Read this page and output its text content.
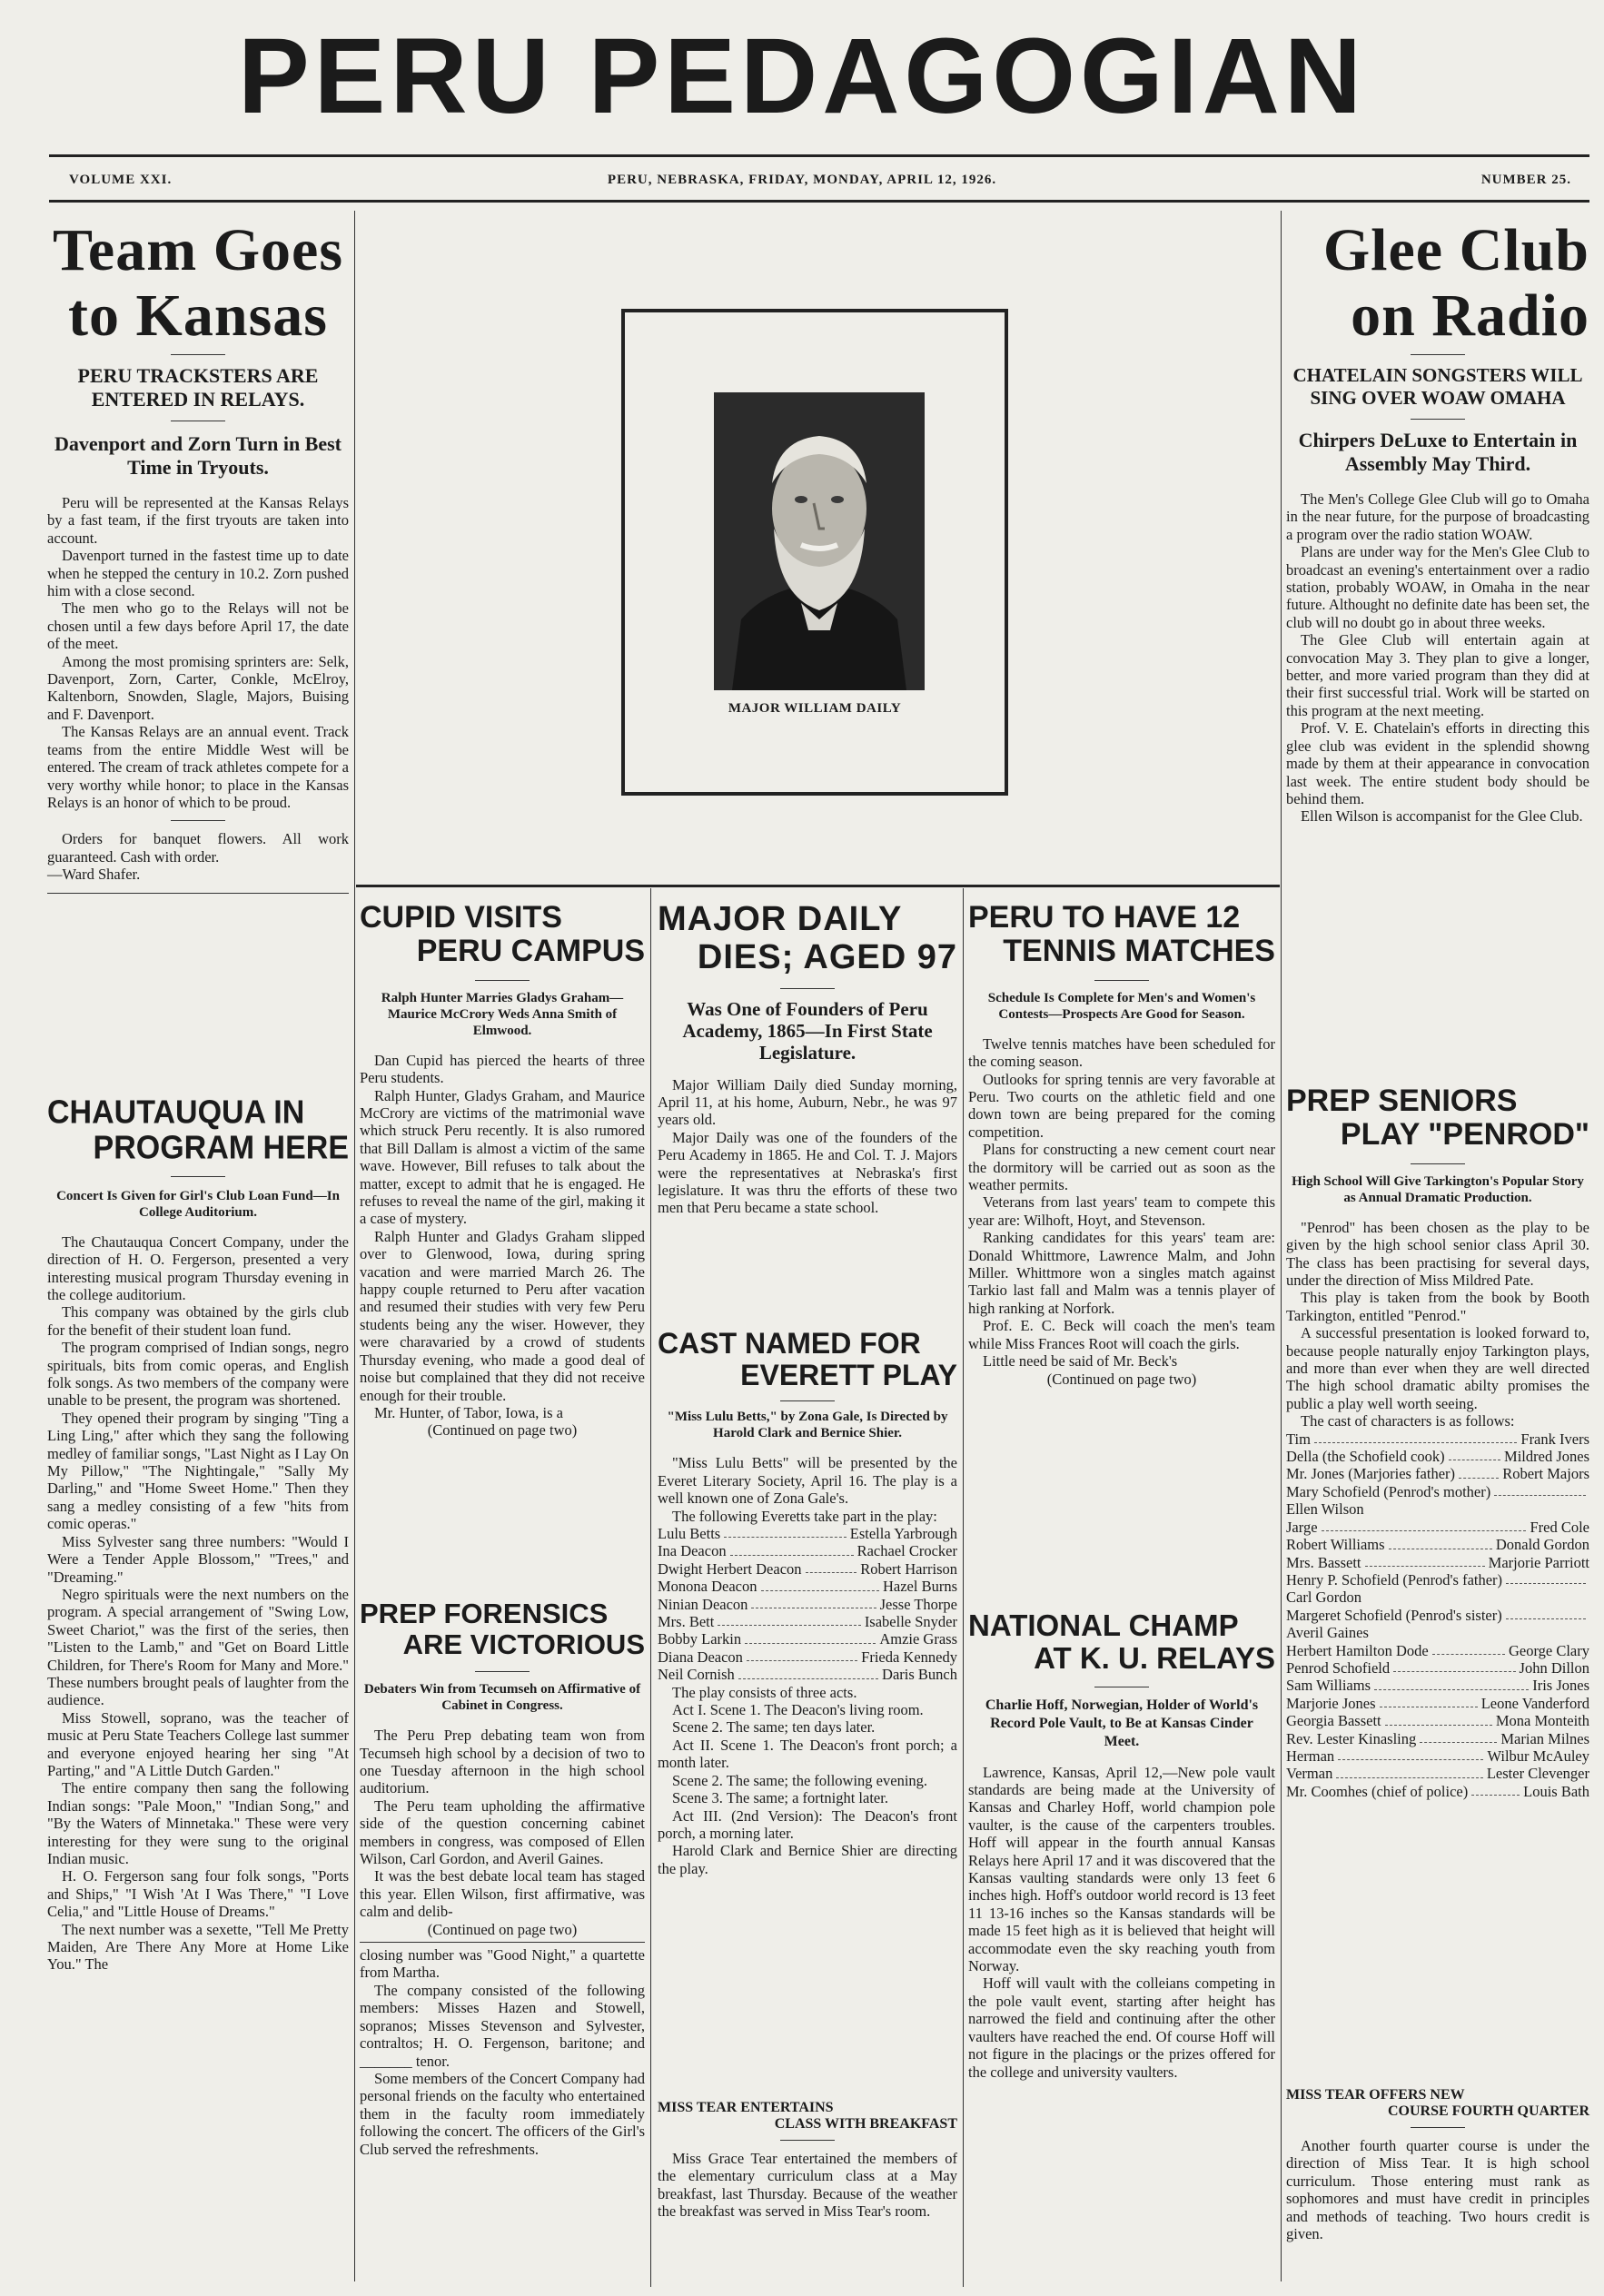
PERU PEDAGOGIAN
VOLUME XXI.	PERU, NEBRASKA, FRIDAY, MONDAY, APRIL 12, 1926.	NUMBER 25.
Team Goes
to Kansas
PERU TRACKSTERS ARE ENTERED IN RELAYS.
Davenport and Zorn Turn in Best Time in Tryouts.

Peru will be represented at the Kansas Relays by a fast team, if the first tryouts are taken into account.

Davenport turned in the fastest time up to date when he stepped the century in 10.2. Zorn pushed him with a close second.

The men who go to the Relays will not be chosen until a few days before April 17, the date of the meet.

Among the most promising sprinters are: Selk, Davenport, Zorn, Carter, Conkle, McElroy, Kaltenborn, Snowden, Slagle, Majors, Buising and F. Davenport.

The Kansas Relays are an annual event. Track teams from the entire Middle West will be entered. The cream of track athletes compete for a very worthy while honor; to place in the Kansas Relays is an honor of which to be proud.

Orders for banquet flowers. All work guaranteed. Cash with order.

—Ward Shafer.

CHAUTAUQUA IN
PROGRAM HERE
Concert Is Given for Girl's Club Loan Fund—In College Auditorium.

The Chautauqua Concert Company, under the direction of H. O. Fergerson, presented a very interesting musical program Thursday evening in the college auditorium.

This company was obtained by the girls club for the benefit of their student loan fund.

The program comprised of Indian songs, negro spirituals, bits from comic operas, and English folk songs. As two members of the company were unable to be present, the program was shortened.

They opened their program by singing "Ting a Ling Ling," after which they sang the following medley of familiar songs, "Last Night as I Lay On My Pillow," "The Nightingale," "Sally My Darling," and "Home Sweet Home." Then they sang a medley consisting of a few "hits from comic operas."

Miss Sylvester sang three numbers: "Would I Were a Tender Apple Blossom," "Trees," and "Dreaming."

Negro spirituals were the next numbers on the program. A special arrangement of "Swing Low, Sweet Chariot," was the first of the series, then "Listen to the Lamb," and "Get on Board Little Children, for There's Room for Many and More." These numbers brought peals of laughter from the audience.

Miss Stowell, soprano, was the teacher of music at Peru State Teachers College last summer and everyone enjoyed hearing her sing "At Parting," and "A Little Dutch Garden."

The entire company then sang the following Indian songs: "Pale Moon," "Indian Song," and "By the Waters of Minnetaka." These were very interesting for they were sung to the original Indian music.

H. O. Fergerson sang four folk songs, "Ports and Ships," "I Wish 'At I Was There," "I Love Celia," and "Little House of Dreams."

The next number was a sexette, "Tell Me Pretty Maiden, Are There Any More at Home Like You." The

MAJOR WILLIAM DAILY
CUPID VISITS
PERU CAMPUS
Ralph Hunter Marries Gladys Graham—Maurice McCrory Weds Anna Smith of Elmwood.

Dan Cupid has pierced the hearts of three Peru students.

Ralph Hunter, Gladys Graham, and Maurice McCrory are victims of the matrimonial wave which struck Peru recently. It is also rumored that Bill Dallam is almost a victim of the same wave. However, Bill refuses to talk about the matter, except to admit that he is engaged. He refuses to reveal the name of the girl, making it a case of mystery.

Ralph Hunter and Gladys Graham slipped over to Glenwood, Iowa, during spring vacation and were married March 26. The happy couple returned to Peru after vacation and resumed their studies with very few Peru students being any the wiser. However, they were charavaried by a crowd of students Thursday evening, who made a good deal of noise but complained that they did not receive enough for their trouble.

Mr. Hunter, of Tabor, Iowa, is a

(Continued on page two)

PREP FORENSICS
ARE VICTORIOUS
Debaters Win from Tecumseh on Affirmative of Cabinet in Congress.

The Peru Prep debating team won from Tecumseh high school by a decision of two to one Tuesday afternoon in the high school auditorium.

The Peru team upholding the affirmative side of the question concerning cabinet members in congress, was composed of Ellen Wilson, Carl Gordon, and Averil Gaines.

It was the best debate local team has staged this year. Ellen Wilson, first affirmative, was calm and delib-

(Continued on page two)

closing number was "Good Night," a quartette from Martha.

The company consisted of the following members: Misses Hazen and Stowell, sopranos; Misses Stevenson and Sylvester, contraltos; H. O. Fergenson, baritone; and _______ tenor.

Some members of the Concert Company had personal friends on the faculty who entertained them in the faculty room immediately following the concert. The officers of the Girl's Club served the refreshments.

MAJOR DAILY
DIES; AGED 97
Was One of Founders of Peru Academy, 1865—In First State Legislature.

Major William Daily died Sunday morning, April 11, at his home, Auburn, Nebr., he was 97 years old.

Major Daily was one of the founders of the Peru Academy in 1865. He and Col. T. J. Majors were the representatives at Nebraska's first legislature. It was thru the efforts of these two men that Peru became a state school.

CAST NAMED FOR
EVERETT PLAY
"Miss Lulu Betts," by Zona Gale, Is Directed by Harold Clark and Bernice Shier.

"Miss Lulu Betts" will be presented by the Everet Literary Society, April 16. The play is a well known one of Zona Gale's.

The following Everetts take part in the play:

Lulu Betts	Estella Yarbrough
Ina Deacon	Rachael Crocker
Dwight Herbert Deacon	Robert Harrison
Monona Deacon	Hazel Burns
Ninian Deacon	Jesse Thorpe
Mrs. Bett	Isabelle Snyder
Bobby Larkin	Amzie Grass
Diana Deacon	Frieda Kennedy
Neil Cornish	Daris Bunch

The play consists of three acts.

Act I. Scene 1. The Deacon's living room.

Scene 2. The same; ten days later.

Act II. Scene 1. The Deacon's front porch; a month later.

Scene 2. The same; the following evening.

Scene 3. The same; a fortnight later.

Act III. (2nd Version): The Deacon's front porch, a morning later.

Harold Clark and Bernice Shier are directing the play.

MISS TEAR ENTERTAINS
CLASS WITH BREAKFAST

Miss Grace Tear entertained the members of the elementary curriculum class at a May breakfast, last Thursday. Because of the weather the breakfast was served in Miss Tear's room.

PERU TO HAVE 12
TENNIS MATCHES
Schedule Is Complete for Men's and Women's Contests—Prospects Are Good for Season.

Twelve tennis matches have been scheduled for the coming season.

Outlooks for spring tennis are very favorable at Peru. Two courts on the athletic field and one down town are being prepared for the coming competition.

Plans for constructing a new cement court near the dormitory will be carried out as soon as the weather permits.

Veterans from last years' team to compete this year are: Wilhoft, Hoyt, and Stevenson.

Ranking candidates for this years' team are: Donald Whittmore, Lawrence Malm, and John Miller. Whittmore won a singles match against Tarkio last fall and Malm was a tennis player of high ranking at Norfork.

Prof. E. C. Beck will coach the men's team while Miss Frances Root will coach the girls.

Little need be said of Mr. Beck's

(Continued on page two)

NATIONAL CHAMP
AT K. U. RELAYS
Charlie Hoff, Norwegian, Holder of World's Record Pole Vault, to Be at Kansas Cinder Meet.

Lawrence, Kansas, April 12,—New pole vault standards are being made at the University of Kansas and Charley Hoff, world champion pole vaulter, is the cause of the carpenters troubles. Hoff will appear in the fourth annual Kansas Relays here April 17 and it was discovered that the Kansas vaulting standards were only 13 feet 6 inches high. Hoff's outdoor world record is 13 feet 11 13-16 inches so the Kansas standards will be made 15 feet high as it is believed that height will accommodate even the sky reaching youth from Norway.

Hoff will vault with the colleians competing in the pole vault event, starting after height has narrowed the field and continuing after the other vaulters have reached the end. Of course Hoff will not figure in the placings or the prizes offered for the college and university vaulters.

Glee Club
on Radio
CHATELAIN SONGSTERS WILL SING OVER WOAW OMAHA
Chirpers DeLuxe to Entertain in Assembly May Third.

The Men's College Glee Club will go to Omaha in the near future, for the purpose of broadcasting a program over the radio station WOAW.

Plans are under way for the Men's Glee Club to broadcast an evening's entertainment over a radio station, probably WOAW, in Omaha in the near future. Althought no definite date has been set, the club will no doubt go in about three weeks.

The Glee Club will entertain again at convocation May 3. They plan to give a longer, better, and more varied program than they did at their first successful trial. Work will be started on this program at the next meeting.

Prof. V. E. Chatelain's efforts in directing this glee club was evident in the splendid showng made by them at their appearance in convocation last week. The entire student body should be behind them.

Ellen Wilson is accompanist for the Glee Club.

PREP SENIORS
PLAY "PENROD"
High School Will Give Tarkington's Popular Story as Annual Dramatic Production.

"Penrod" has been chosen as the play to be given by the high school senior class April 30. The class has been practising for several days, under the direction of Miss Mildred Pate.

This play is taken from the book by Booth Tarkington, entitled "Penrod."

A successful presentation is looked forward to, because people naturally enjoy Tarkington plays, and more than ever when they are well directed The high school dramatic abilty promises the public a play well worth seeing.

The cast of characters is as follows:

Tim	Frank Ivers
Della (the Schofield cook)	Mildred Jones
Mr. Jones (Marjories father)	Robert Majors
Mary Schofield (Penrod's mother)
Ellen Wilson
Jarge	Fred Cole
Robert Williams	Donald Gordon
Mrs. Bassett	Marjorie Parriott
Henry P. Schofield (Penrod's father)
Carl Gordon
Margeret Schofield (Penrod's sister)
Averil Gaines
Herbert Hamilton Dode	George Clary
Penrod Schofield	John Dillon
Sam Williams	Iris Jones
Marjorie Jones	Leone Vanderford
Georgia Bassett	Mona Monteith
Rev. Lester Kinasling	Marian Milnes
Herman	Wilbur McAuley
Verman	Lester Clevenger
Mr. Coomhes (chief of police)	Louis Bath
MISS TEAR OFFERS NEW
COURSE FOURTH QUARTER

Another fourth quarter course is under the direction of Miss Tear. It is high school curriculum. Those entering must rank as sophomores and must have credit in principles and methods of teaching. Two hours credit is given.
